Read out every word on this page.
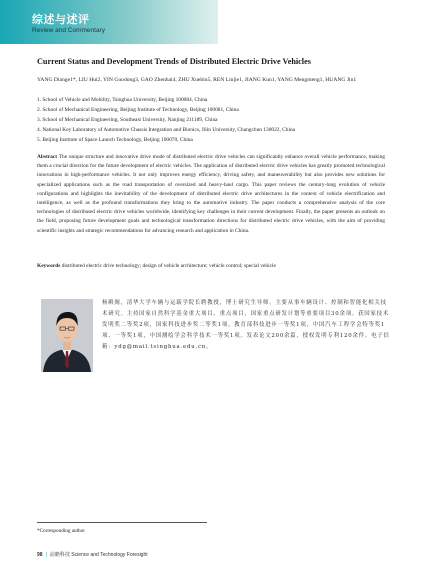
综述与述评
Review and Commentary
Current Status and Development Trends of Distributed Electric Drive Vehicles
YANG Diange1*, LIU Hui2, YIN Guodong3, GAO Zhenhai4, ZHU Xuebin5, REN Linjie1, JIANG Kun1, YANG Mengmeng1, HUANG Jin1
1. School of Vehicle and Mobility, Tsinghua University, Beijing 100084, China
2. School of Mechanical Engineering, Beijing Institute of Technology, Beijing 100081, China
3. School of Mechanical Engineering, Southeast University, Nanjing 211189, China
4. National Key Laboratory of Automotive Chassis Integration and Bionics, Jilin University, Changchun 130022, China
5. Beijing Institute of Space Launch Technology, Beijing 100070, China
Abstract The unique structure and innovative drive mode of distributed electric drive vehicles can significantly enhance overall vehicle performance, making them a crucial direction for the future development of electric vehicles. The application of distributed electric drive vehicles has greatly promoted technological innovations in high-performance vehicles. It not only improves energy efficiency, driving safety, and maneuverability but also provides new solutions for specialized applications such as the road transportation of oversized and heavy-haul cargo. This paper reviews the century-long evolution of vehicle configurations and highlights the inevitability of the development of distributed electric drive architectures in the context of vehicle electrification and intelligence, as well as the profound transformations they bring to the automotive industry. The paper conducts a comprehensive analysis of the core technologies of distributed electric drive vehicles worldwide, identifying key challenges in their current development. Finally, the paper presents an outlook on the field, proposing future development goals and technological transformation directions for distributed electric drive vehicles, with the aim of providing scientific insights and strategic recommendations for advancing research and application in China.
Keywords distributed electric drive technology; design of vehicle architecture; vehicle control; special vehicle
杨殿阁，清华大学车辆与运载学院长聘教授，博士研究生导师。主要从事车辆设计、控制和智能化相关技术研究。主持国家自然科学基金重大项目、重点项目，国家重点研发计划等重要项目30余项。获国家技术发明奖二等奖2项，国家科技进步奖二等奖1项，教育部科技进步一等奖1项，中国汽车工程学会特等奖1项、一等奖1项，中国测绘学会科学技术一等奖1项。发表论文200余篇，授权发明专利120余件。电子信箱：ydg@mail.tsinghua.edu.cn。
*Corresponding author
98 | 前瞻科技 Science and Technology Foresight
